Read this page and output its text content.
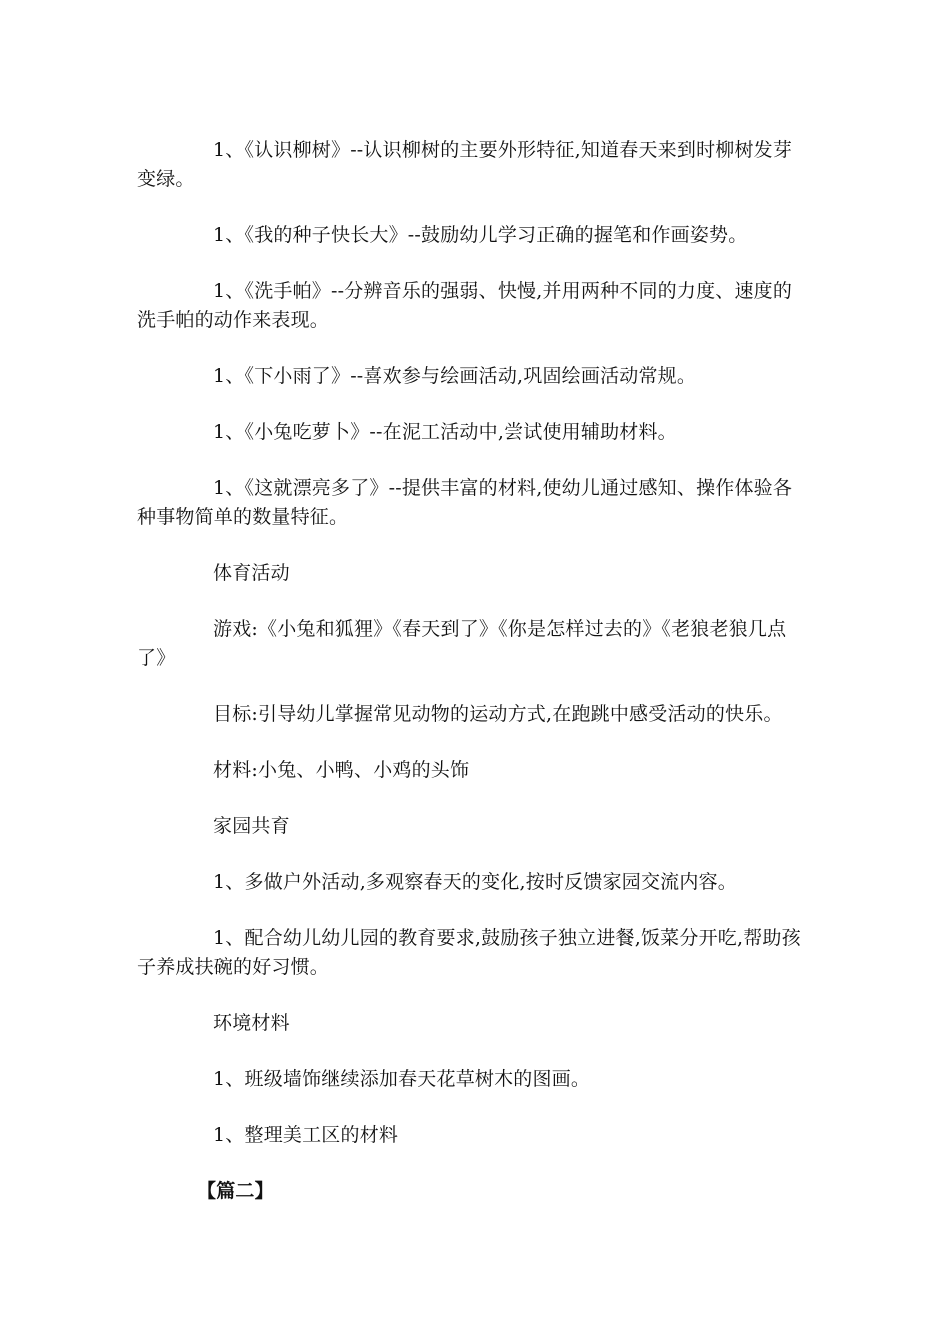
1、《认识柳树》--认识柳树的主要外形特征,知道春天来到时柳树发芽变绿。

1、《我的种子快长大》--鼓励幼儿学习正确的握笔和作画姿势。

1、《洗手帕》--分辨音乐的强弱、快慢,并用两种不同的力度、速度的洗手帕的动作来表现。

1、《下小雨了》--喜欢参与绘画活动,巩固绘画活动常规。

1、《小兔吃萝卜》--在泥工活动中,尝试使用辅助材料。

1、《这就漂亮多了》--提供丰富的材料,使幼儿通过感知、操作体验各种事物简单的数量特征。

体育活动

游戏:《小兔和狐狸》《春天到了》《你是怎样过去的》《老狼老狼几点了》

目标:引导幼儿掌握常见动物的运动方式,在跑跳中感受活动的快乐。

材料:小兔、小鸭、小鸡的头饰

家园共育

1、多做户外活动,多观察春天的变化,按时反馈家园交流内容。

1、配合幼儿幼儿园的教育要求,鼓励孩子独立进餐,饭菜分开吃,帮助孩子养成扶碗的好习惯。

环境材料

1、班级墙饰继续添加春天花草树木的图画。

1、整理美工区的材料

【篇二】
